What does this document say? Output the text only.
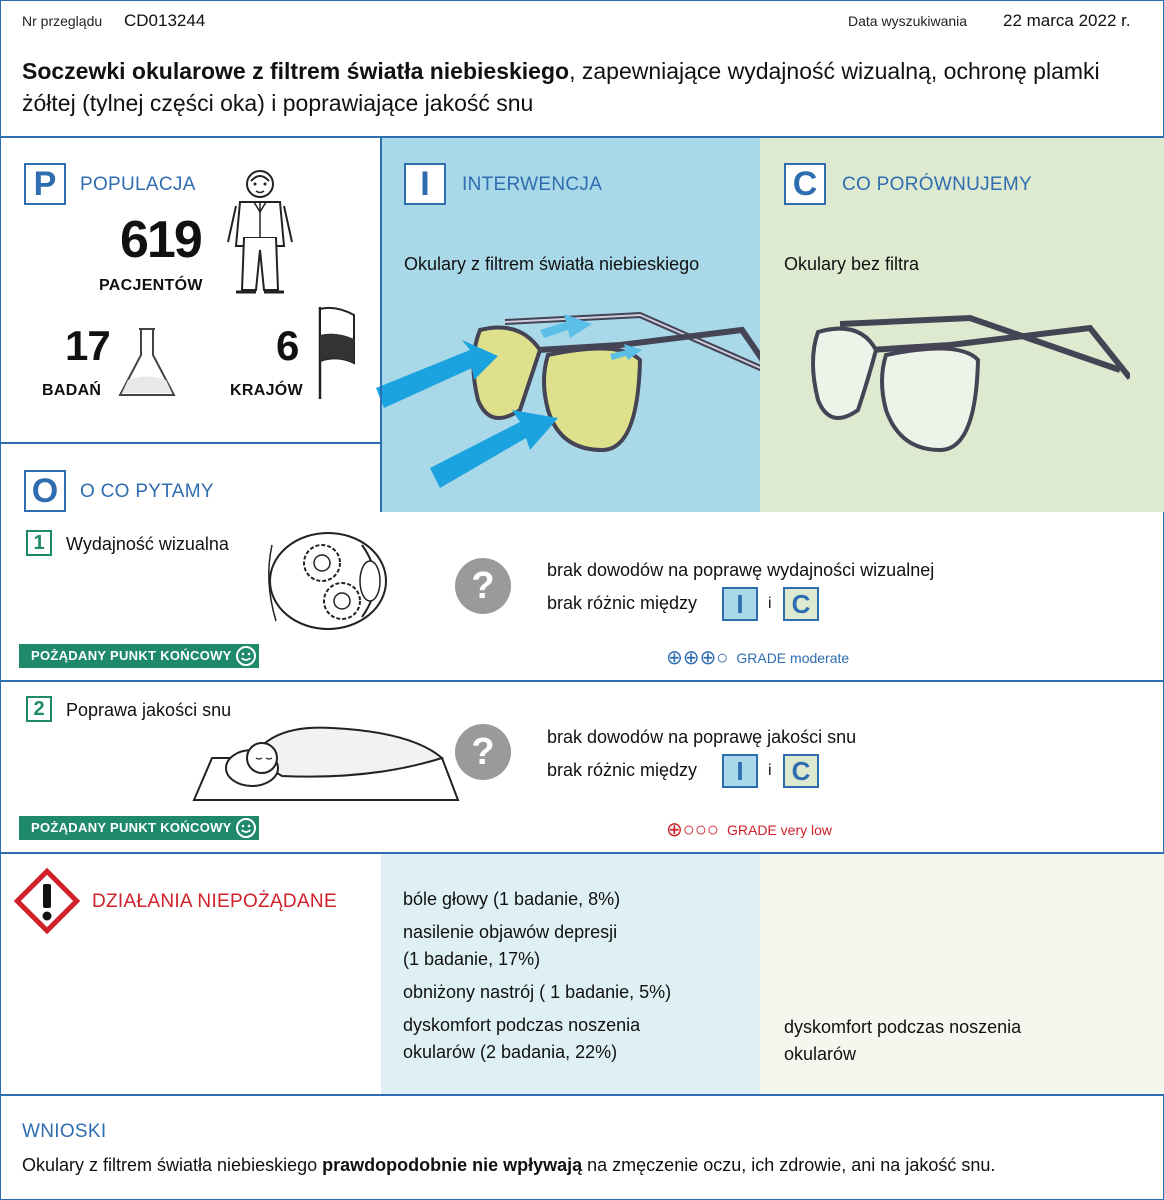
Nr przeglądu CD013244	Data wyszukiwania 22 marca 2022 r.
Soczewki okularowe z filtrem światła niebieskiego, zapewniające wydajność wizualną, ochronę plamki żółtej (tylnej części oka) i poprawiające jakość snu
P	POPULACJA
619
PACJENTÓW
17
BADAŃ
6
KRAJÓW
I	INTERWENCJA
Okulary z filtrem światła niebieskiego
C	CO PORÓWNUJEMY
Okulary bez filtra
O	O CO PYTAMY
1	Wydajność wizualna
POŻĄDANY PUNKT KOŃCOWY
?	brak dowodów na poprawę wydajności wizualnej
brak różnic między	I	i C
⊕⊕⊕○ GRADE moderate
2	Poprawa jakości snu
POŻĄDANY PUNKT KOŃCOWY
?	brak dowodów na poprawę jakości snu
brak różnic między	I	i C
⊕○○○ GRADE very low
DZIAŁANIA NIEPOŻĄDANE	bóle głowy (1 badanie, 8%)
nasilenie objawów depresji
(1 badanie, 17%)
obniżony nastrój ( 1 badanie, 5%)
dyskomfort podczas noszenia
okularów (2 badania, 22%)
dyskomfort podczas noszenia
okularów
WNIOSKI
Okulary z filtrem światła niebieskiego prawdopodobnie nie wpływają na zmęczenie oczu, ich zdrowie, ani na jakość snu.
